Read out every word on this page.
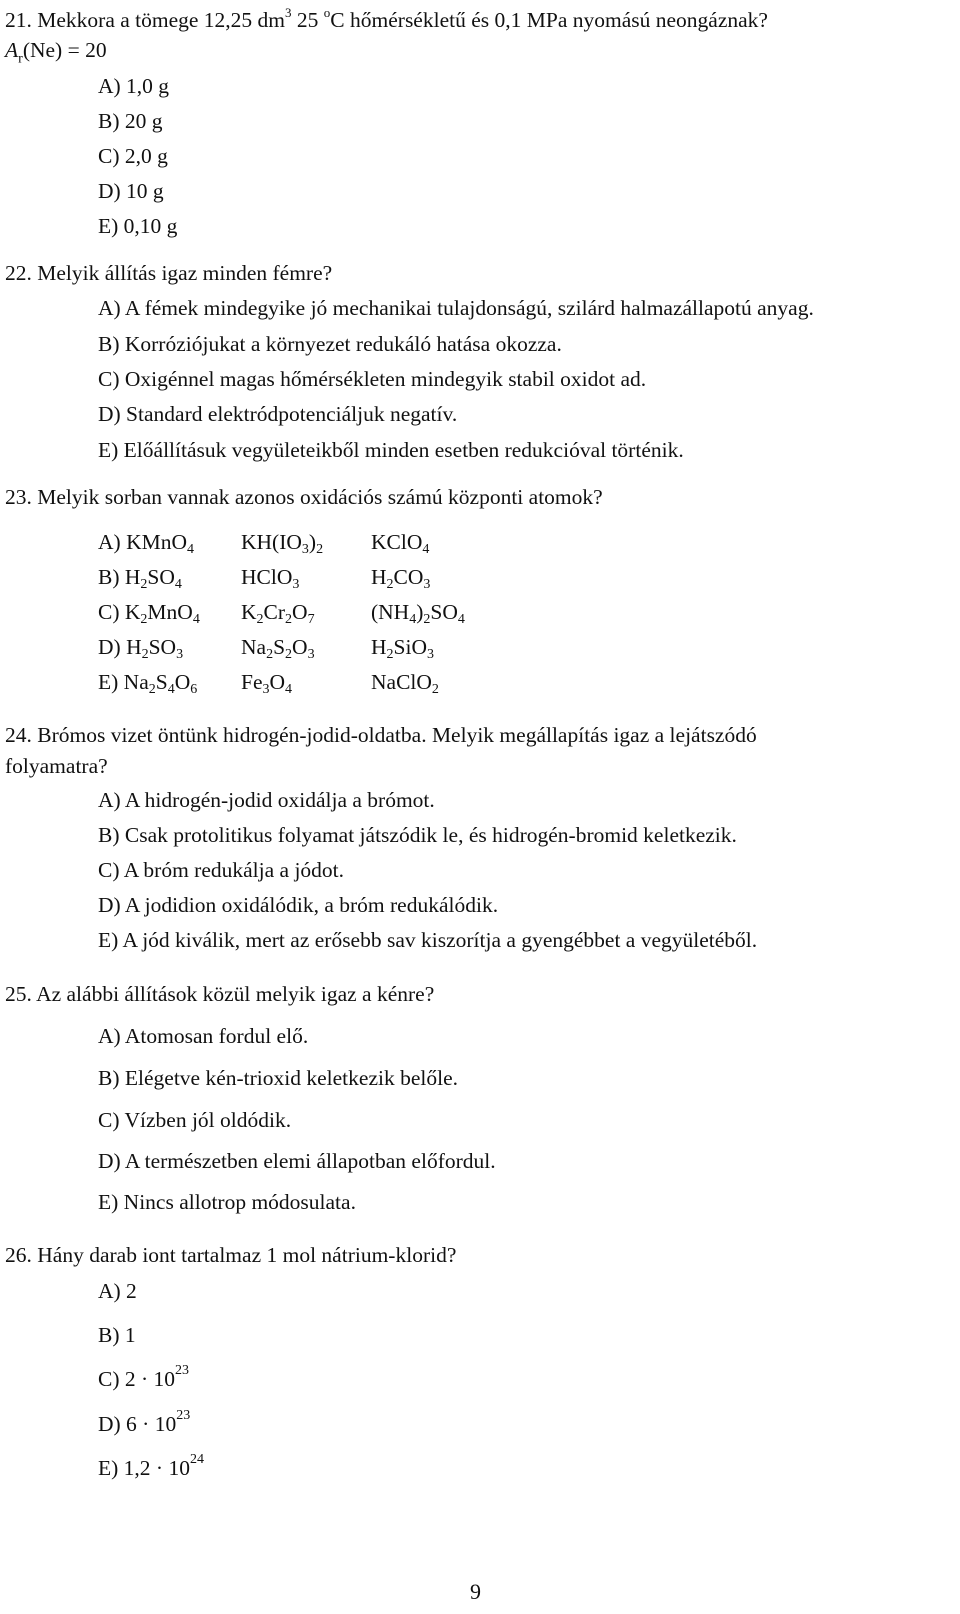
21. Mekkora a tömege 12,25 $dm^3$ 25 $^o$C hőmérsékletű és 0,1 MPa nyomású neongáznak?
$A_r(Ne) = 20$
A) 1,0 g
B) 20 g
C) 2,0 g
D) 10 g
E) 0,10 g
22. Melyik állítás igaz minden fémre?
A) A fémek mindegyike jó mechanikai tulajdonságú, szilárd halmazállapotú anyag.
B) Korróziójukat a környezet redukáló hatása okozza.
C) Oxigénnel magas hőmérsékleten mindegyik stabil oxidot ad.
D) Standard elektródpotenciáljuk negatív.
E) Előállításuk vegyületeikből minden esetben redukcióval történik.
23. Melyik sorban vannak azonos oxidációs számú központi atomok?
A) KMnO4 KH(IO3)2 KClO4
B) H2SO4	HClO3	H2CO3
C) K2MnO4 K2Cr2O7	(NH4)2SO4
D) H2SO3	Na2S2O3	H2SiO3
E) Na2S4O6 Fe3O4	NaClO2
24. Brómos vizet öntünk hidrogén-jodid-oldatba. Melyik megállapítás igaz a lejátszódó
folyamatra?
A) A hidrogén-jodid oxidálja a brómot.
B) Csak protolitikus folyamat játszódik le, és hidrogén-bromid keletkezik.
C) A bróm redukálja a jódot.
D) A jodidion oxidálódik, a bróm redukálódik.
E) A jód kiválik, mert az erősebb sav kiszorítja a gyengébbet a vegyületéből.
25. Az alábbi állítások közül melyik igaz a kénre?
A) Atomosan fordul elő.
B) Elégetve kén-trioxid keletkezik belőle.
C) Vízben jól oldódik.
D) A természetben elemi állapotban előfordul.
E) Nincs allotrop módosulata.
26. Hány darab iont tartalmaz 1 mol nátrium-klorid?
A) 2
B) 1
C) $2 \cdot 10^{23}$
D) $6 \cdot 10^{23}$
E) $1,2 \cdot 10^{24}$
9
